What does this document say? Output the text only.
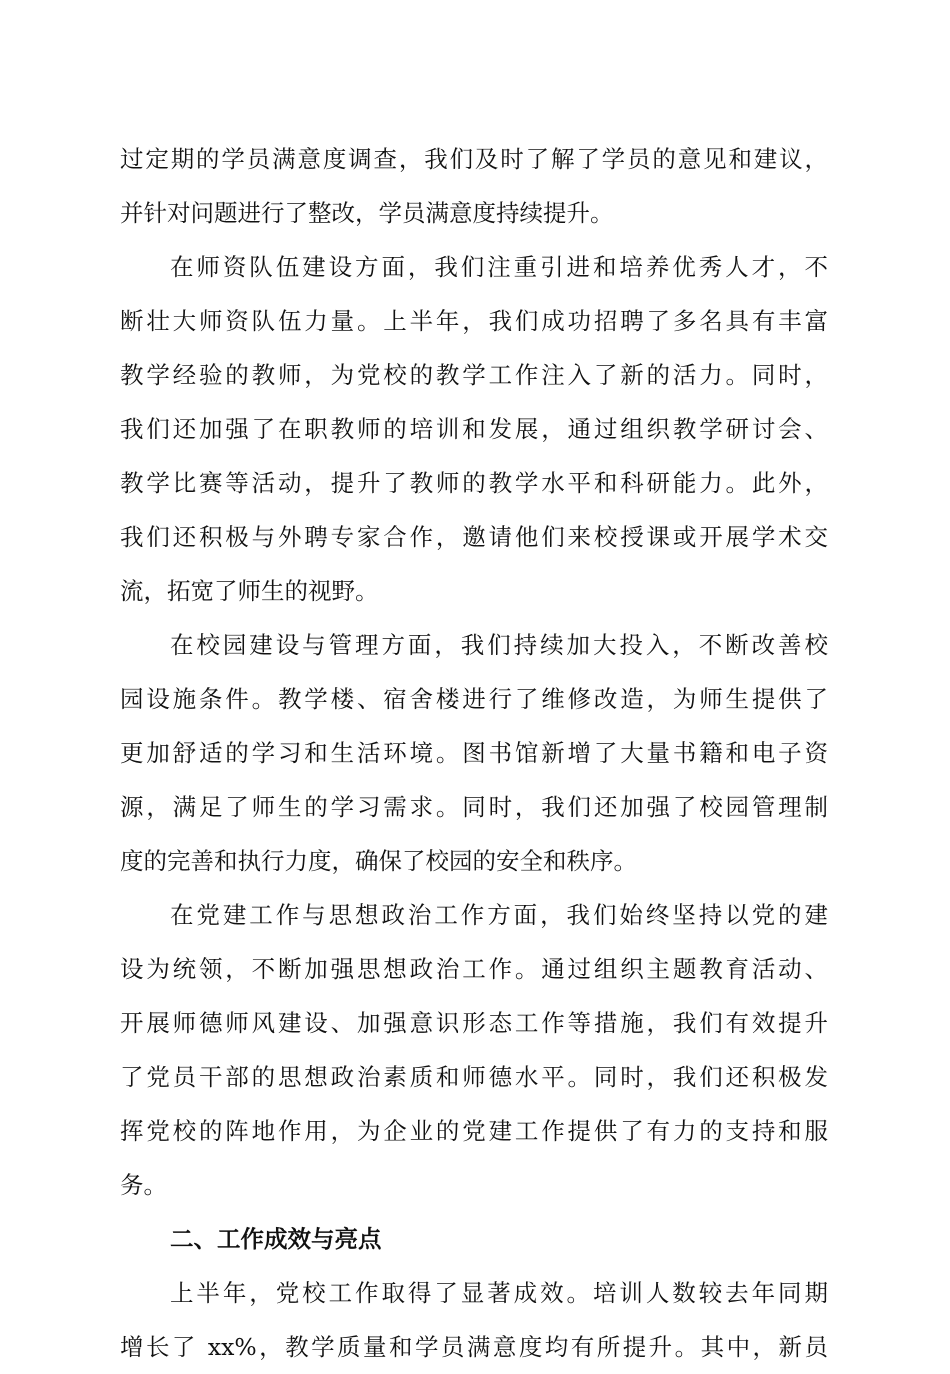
过定期的学员满意度调查，我们及时了解了学员的意见和建议，
并针对问题进行了整改，学员满意度持续提升。
在师资队伍建设方面，我们注重引进和培养优秀人才，不
断壮大师资队伍力量。上半年，我们成功招聘了多名具有丰富
教学经验的教师，为党校的教学工作注入了新的活力。同时，
我们还加强了在职教师的培训和发展，通过组织教学研讨会、
教学比赛等活动，提升了教师的教学水平和科研能力。此外，
我们还积极与外聘专家合作，邀请他们来校授课或开展学术交
流，拓宽了师生的视野。
在校园建设与管理方面，我们持续加大投入，不断改善校
园设施条件。教学楼、宿舍楼进行了维修改造，为师生提供了
更加舒适的学习和生活环境。图书馆新增了大量书籍和电子资
源，满足了师生的学习需求。同时，我们还加强了校园管理制
度的完善和执行力度，确保了校园的安全和秩序。
在党建工作与思想政治工作方面，我们始终坚持以党的建
设为统领，不断加强思想政治工作。通过组织主题教育活动、
开展师德师风建设、加强意识形态工作等措施，我们有效提升
了党员干部的思想政治素质和师德水平。同时，我们还积极发
挥党校的阵地作用，为企业的党建工作提供了有力的支持和服
务。
二、工作成效与亮点
上半年，党校工作取得了显著成效。培训人数较去年同期
增长了 xx%，教学质量和学员满意度均有所提升。其中，新员
